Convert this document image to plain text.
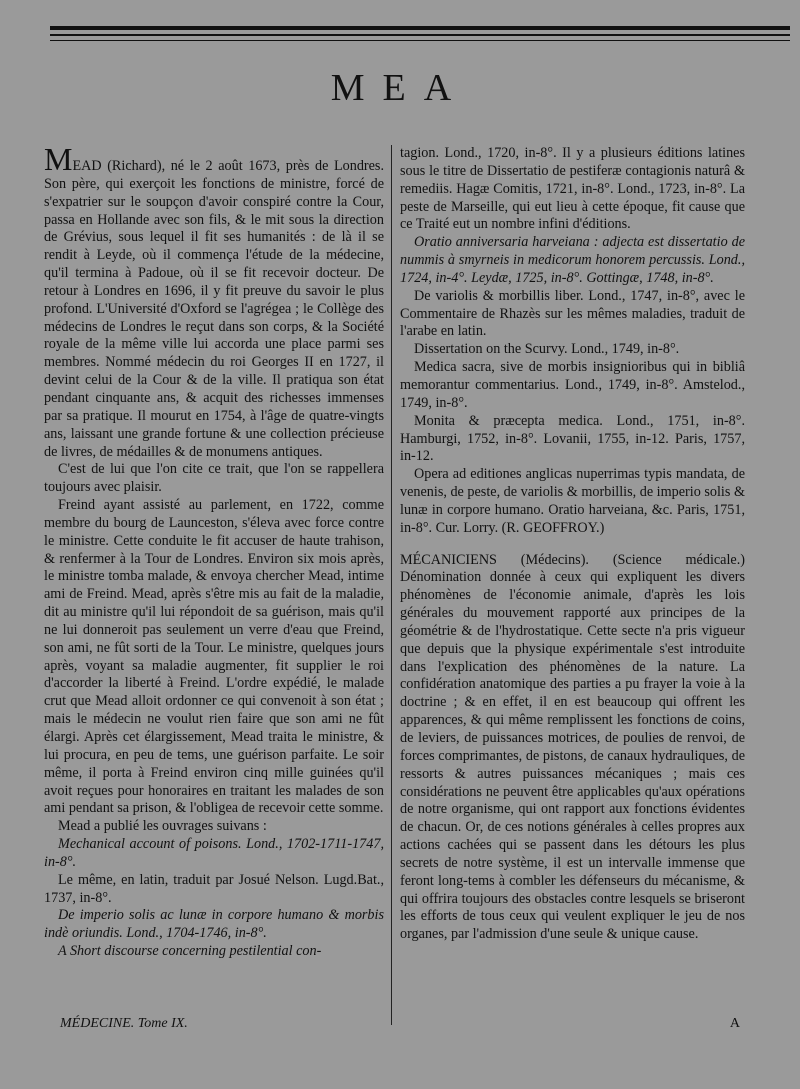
MEA

MEAD (Richard), né le 2 août 1673, près de Londres. Son père, qui exerçoit les fonctions de ministre, forcé de s'expatrier sur le soupçon d'avoir conspiré contre la Cour, passa en Hollande avec son fils, & le mit sous la direction de Grévius, sous lequel il fit ses humanités : de là il se rendit à Leyde, où il commença l'étude de la médecine, qu'il termina à Padoue, où il se fit recevoir docteur. De retour à Londres en 1696, il y fit preuve du savoir le plus profond. L'Université d'Oxford se l'agrégea ; le Collège des médecins de Londres le reçut dans son corps, & la Société royale de la même ville lui accorda une place parmi ses membres. Nommé médecin du roi Georges II en 1727, il devint celui de la Cour & de la ville. Il pratiqua son état pendant cinquante ans, & acquit des richesses immenses par sa pratique. Il mourut en 1754, à l'âge de quatre-vingts ans, laissant une grande fortune & une collection précieuse de livres, de médailles & de monumens antiques.

C'est de lui que l'on cite ce trait, que l'on se rappellera toujours avec plaisir.

Freind ayant assisté au parlement, en 1722, comme membre du bourg de Launceston, s'éleva avec force contre le ministre. Cette conduite le fit accuser de haute trahison, & renfermer à la Tour de Londres. Environ six mois après, le ministre tomba malade, & envoya chercher Mead, intime ami de Freind. Mead, après s'être mis au fait de la maladie, dit au ministre qu'il lui répondoit de sa guérison, mais qu'il ne lui donneroit pas seulement un verre d'eau que Freind, son ami, ne fût sorti de la Tour. Le ministre, quelques jours après, voyant sa maladie augmenter, fit supplier le roi d'accorder la liberté à Freind. L'ordre expédié, le malade crut que Mead alloit ordonner ce qui convenoit à son état ; mais le médecin ne voulut rien faire que son ami ne fût élargi. Après cet élargissement, Mead traita le ministre, & lui procura, en peu de tems, une guérison parfaite. Le soir même, il porta à Freind environ cinq mille guinées qu'il avoit reçues pour honoraires en traitant les malades de son ami pendant sa prison, & l'obligea de recevoir cette somme.

Mead a publié les ouvrages suivans :

Mechanical account of poisons. Lond., 1702-1711-1747, in-8°.

Le même, en latin, traduit par Josué Nelson. Lugd.Bat., 1737, in-8°.

De imperio solis ac lunæ in corpore humano & morbis indè oriundis. Lond., 1704-1746, in-8°.

A Short discourse concerning pestilential con-

tagion. Lond., 1720, in-8°. Il y a plusieurs éditions latines sous le titre de Dissertatio de pestiferæ contagionis naturâ & remediis. Hagæ Comitis, 1721, in-8°. Lond., 1723, in-8°. La peste de Marseille, qui eut lieu à cette époque, fit cause que ce Traité eut un nombre infini d'éditions.

Oratio anniversaria harveiana : adjecta est dissertatio de nummis à smyrneis in medicorum honorem percussis. Lond., 1724, in-4°. Leydæ, 1725, in-8°. Gottingæ, 1748, in-8°.

De variolis & morbillis liber. Lond., 1747, in-8°, avec le Commentaire de Rhazès sur les mêmes maladies, traduit de l'arabe en latin.

Dissertation on the Scurvy. Lond., 1749, in-8°.

Medica sacra, sive de morbis insignioribus qui in bibliâ memorantur commentarius. Lond., 1749, in-8°. Amstelod., 1749, in-8°.

Monita & præcepta medica. Lond., 1751, in-8°. Hamburgi, 1752, in-8°. Lovanii, 1755, in-12. Paris, 1757, in-12.

Opera ad editiones anglicas nuperrimas typis mandata, de venenis, de peste, de variolis & morbillis, de imperio solis & lunæ in corpore humano. Oratio harveiana, &c. Paris, 1751, in-8°. Cur. Lorry. (R. GEOFFROY.)

MÉCANICIENS (Médecins). (Science médicale.) Dénomination donnée à ceux qui expliquent les divers phénomènes de l'économie animale, d'après les lois générales du mouvement rapporté aux principes de la géométrie & de l'hydrostatique. Cette secte n'a pris vigueur que depuis que la physique expérimentale s'est introduite dans l'explication des phénomènes de la nature. La confidération anatomique des parties a pu frayer la voie à la doctrine ; & en effet, il en est beaucoup qui offrent les apparences, & qui même remplissent les fonctions de coins, de leviers, de puissances motrices, de poulies de renvoi, de forces comprimantes, de pistons, de canaux hydrauliques, de ressorts & autres puissances mécaniques ; mais ces considérations ne peuvent être applicables qu'aux opérations de notre organisme, qui ont rapport aux fonctions évidentes de chacun. Or, de ces notions générales à celles propres aux actions cachées qui se passent dans les détours les plus secrets de notre système, il est un intervalle immense que feront long-tems à combler les défenseurs du mécanisme, & qui offrira toujours des obstacles contre lesquels se briseront les efforts de tous ceux qui veulent expliquer le jeu de nos organes, par l'admission d'une seule & unique cause.

MÉDECINE. Tome IX.	A
